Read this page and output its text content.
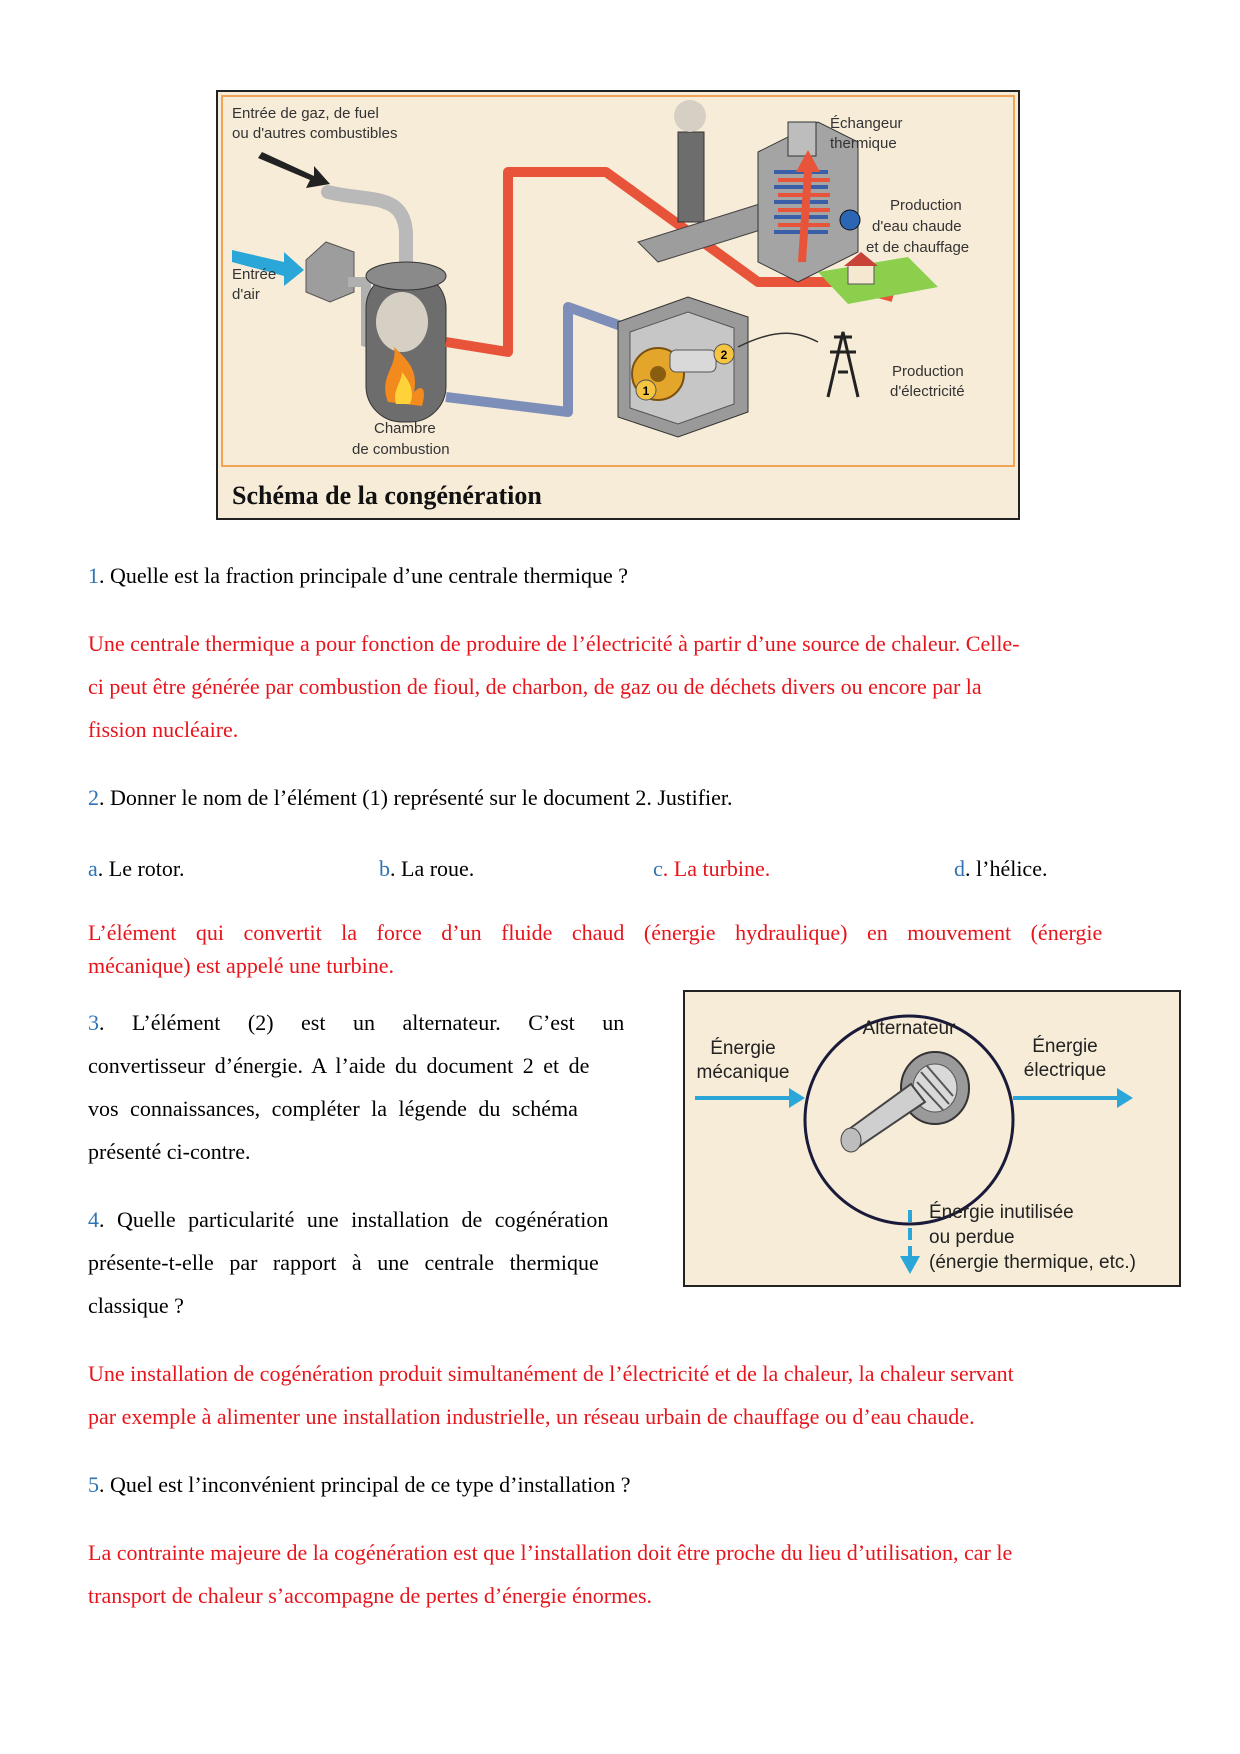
1
2
Entrée de gaz, de fuel
ou d'autres combustibles
Entrée
d'air
Chambre
de combustion
Échangeur
thermique
Production
d'eau chaude
et de chauffage
Production
d'électricité
Schéma de la congénération

1. Quelle est la fraction principale d’une centrale thermique ?

Une centrale thermique a pour fonction de produire de l’électricité à partir d’une source de chaleur. Celle-

ci peut être générée par combustion de fioul, de charbon, de gaz ou de déchets divers ou encore par la

fission nucléaire.

2. Donner le nom de l’élément (1) représenté sur le document 2. Justifier.

a. Le rotor.	b. La roue.	c. La turbine.	d. l’hélice.

L’élément qui convertit la force d’un fluide chaud (énergie hydraulique) en mouvement (énergie

mécanique) est appelé une turbine.

3. L’élément (2) est un alternateur. C’est un

convertisseur d’énergie. A l’aide du document 2 et de

vos connaissances, compléter la légende du schéma

présenté ci-contre.

Alternateur
Énergie
mécanique
Énergie
électrique
Énergie inutilisée
ou perdue
(énergie thermique, etc.)

4. Quelle particularité une installation de cogénération

présente-t-elle par rapport à une centrale thermique

classique ?

Une installation de cogénération produit simultanément de l’électricité et de la chaleur, la chaleur servant

par exemple à alimenter une installation industrielle, un réseau urbain de chauffage ou d’eau chaude.

5. Quel est l’inconvénient principal de ce type d’installation ?

La contrainte majeure de la cogénération est que l’installation doit être proche du lieu d’utilisation, car le

transport de chaleur s’accompagne de pertes d’énergie énormes.
